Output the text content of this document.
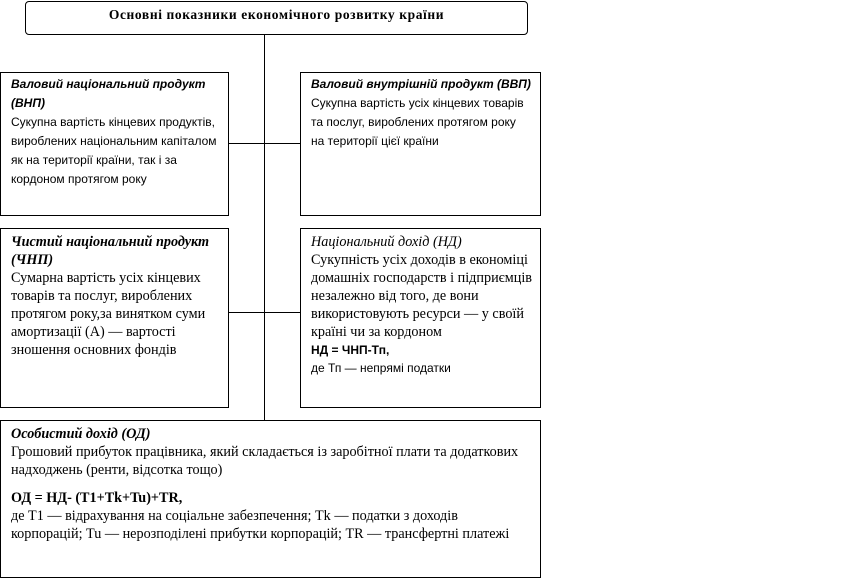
Основні показники економічного розвитку країни

Валовий національний продукт (ВНП)

Сукупна вартість кінцевих продуктів, вироблених національним капіталом як на території країни, так і за кордоном протягом року

Валовий внутрішній продукт (ВВП)

Сукупна вартість усіх кінцевих товарів та послуг, вироблених протягом року на території цієї країни

Чистий національний продукт (ЧНП)

Сумарна вартість усіх кінцевих товарів та послуг, вироблених протягом року,за винятком суми амортизації (А) — вартості зношення основних фондів

Національний дохід (НД)

Сукупність усіх доходів в економіці домашніх господарств і підприємців незалежно від того, де вони використовують ресурси — у своїй країні чи за кордоном

НД = ЧНП-Тп,

де Тп — непрямі податки

Особистий дохід (ОД)

Грошовий прибуток працівника, який складається із заробітної плати та додаткових надходжень (ренти, відсотка тощо)

ОД = НД- (T1+Tk+Tu)+TR,

де T1 — відрахування на соціальне забезпечення; Tk — податки з доходів корпорацій; Tu — нерозподілені прибутки корпорацій; TR — трансфертні платежі
